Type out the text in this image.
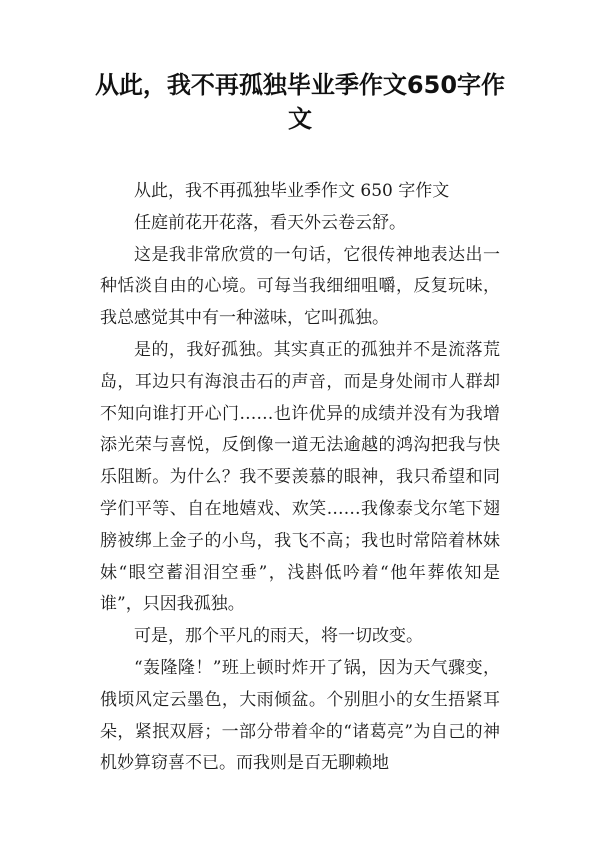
从此，我不再孤独毕业季作文650字作文

从此，我不再孤独毕业季作文 650 字作文
任庭前花开花落，看天外云卷云舒。

这是我非常欣赏的一句话，它很传神地表达出一种恬淡自由的心境。可每当我细细咀嚼，反复玩味，我总感觉其中有一种滋味，它叫孤独。

是的，我好孤独。其实真正的孤独并不是流落荒岛，耳边只有海浪击石的声音，而是身处闹市人群却不知向谁打开心门……也许优异的成绩并没有为我增添光荣与喜悦，反倒像一道无法逾越的鸿沟把我与快乐阻断。为什么？我不要羡慕的眼神，我只希望和同学们平等、自在地嬉戏、欢笑……我像泰戈尔笔下翅膀被绑上金子的小鸟，我飞不高；我也时常陪着林妹妹“眼空蓄泪泪空垂”，浅斟低吟着“他年葬侬知是谁”，只因我孤独。

可是，那个平凡的雨天，将一切改变。

“轰隆隆！”班上顿时炸开了锅，因为天气骤变，俄顷风定云墨色，大雨倾盆。个别胆小的女生捂紧耳朵，紧抿双唇；一部分带着伞的“诸葛亮”为自己的神机妙算窃喜不已。而我则是百无聊赖地
